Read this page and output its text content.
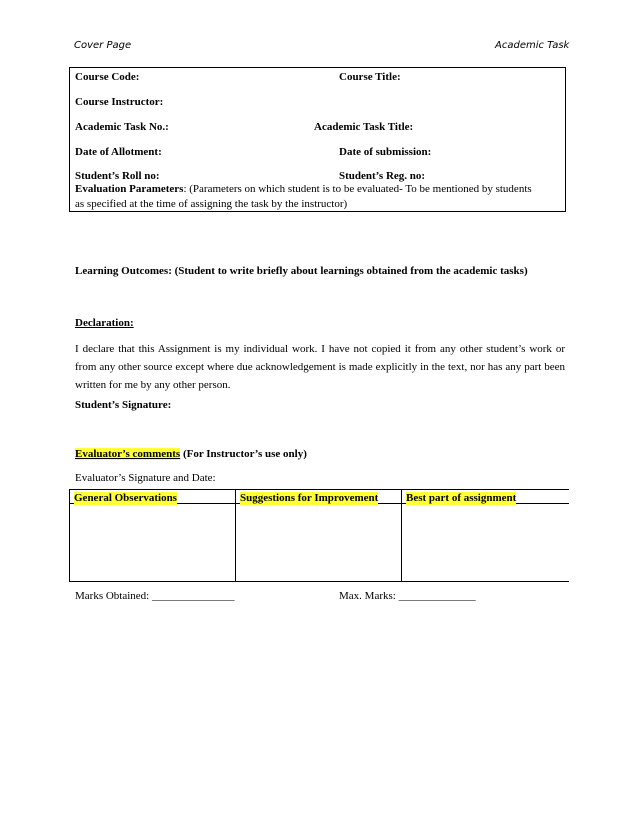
Cover Page	Academic Task
Course Code:	Course Title:
Course Instructor:
Academic Task No.:	Academic Task Title:
Date of Allotment:	Date of submission:
Student’s Roll no:	Student’s Reg. no:
Evaluation Parameters: (Parameters on which student is to be evaluated- To be mentioned by students
as specified at the time of assigning the task by the instructor)
Learning Outcomes: (Student to write briefly about learnings obtained from the academic tasks)
Declaration:
I declare that this Assignment is my individual work. I have not copied it from any other student’s work or from any other source except where due acknowledgement is made explicitly in the text, nor has any part been written for me by any other person.
Student’s Signature:
Evaluator’s comments (For Instructor’s use only)
Evaluator’s Signature and Date:
General Observations	Suggestions for Improvement	Best part of assignment
Marks Obtained: _______________	Max. Marks: ______________
